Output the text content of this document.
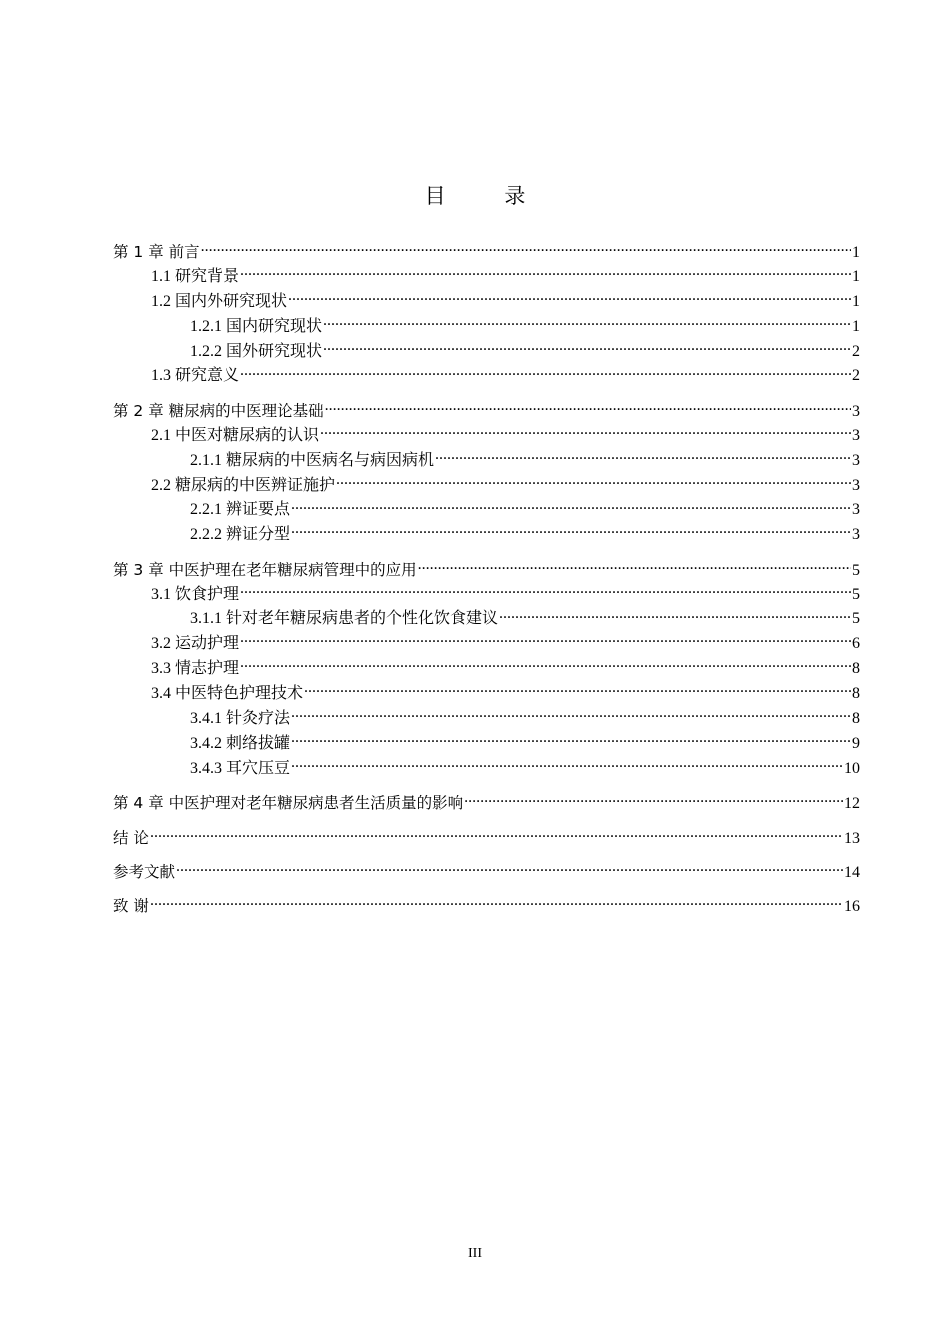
目 录
第 1 章 前言 .....	1
1.1 研究背景 .....	1
1.2 国内外研究现状 .....	1
1.2.1 国内研究现状 .....	1
1.2.2 国外研究现状 .....	2
1.3 研究意义 .....	2
第 2 章 糖尿病的中医理论基础 .....	3
2.1 中医对糖尿病的认识 .....	3
2.1.1 糖尿病的中医病名与病因病机 .....	3
2.2 糖尿病的中医辨证施护 .....	3
2.2.1 辨证要点 .....	3
2.2.2 辨证分型 .....	3
第 3 章 中医护理在老年糖尿病管理中的应用 .....	5
3.1 饮食护理 .....	5
3.1.1 针对老年糖尿病患者的个性化饮食建议 .....	5
3.2 运动护理 .....	6
3.3 情志护理 .....	8
3.4 中医特色护理技术 .....	8
3.4.1 针灸疗法 .....	8
3.4.2 刺络拔罐 .....	9
3.4.3 耳穴压豆 .....	10
第 4 章 中医护理对老年糖尿病患者生活质量的影响 .....	12
结 论 .....	13
参考文献 .....	14
致 谢 .....	16
III
